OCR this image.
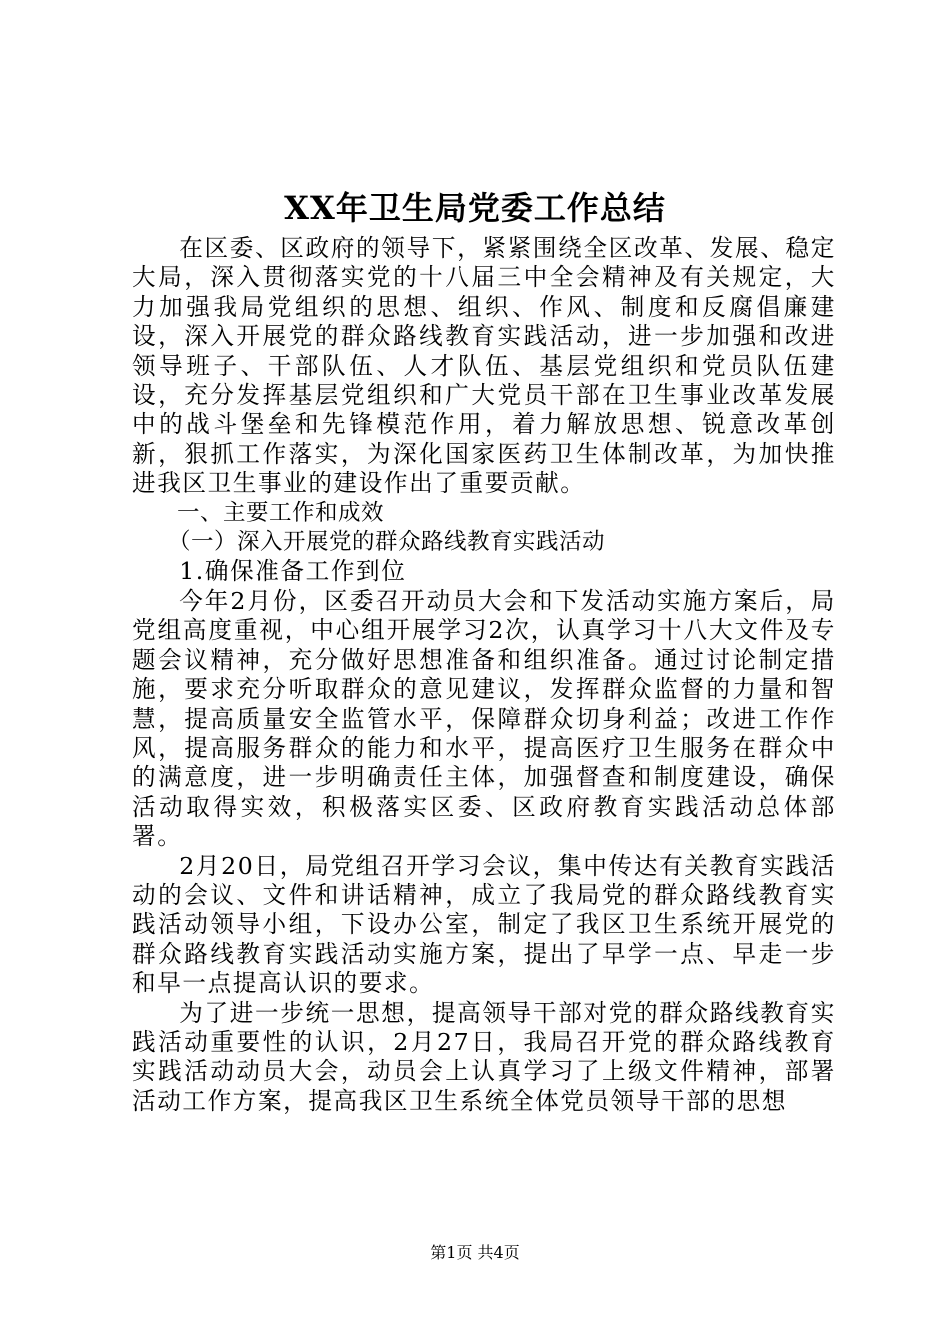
XX年卫生局党委工作总结

在区委、区政府的领导下，紧紧围绕全区改革、发展、稳定大局，深入贯彻落实党的十八届三中全会精神及有关规定，大力加强我局党组织的思想、组织、作风、制度和反腐倡廉建设，深入开展党的群众路线教育实践活动，进一步加强和改进领导班子、干部队伍、人才队伍、基层党组织和党员队伍建设，充分发挥基层党组织和广大党员干部在卫生事业改革发展中的战斗堡垒和先锋模范作用，着力解放思想、锐意改革创新，狠抓工作落实，为深化国家医药卫生体制改革，为加快推进我区卫生事业的建设作出了重要贡献。

一、主要工作和成效

（一）深入开展党的群众路线教育实践活动

1.确保准备工作到位

今年2月份，区委召开动员大会和下发活动实施方案后，局党组高度重视，中心组开展学习2次，认真学习十八大文件及专题会议精神，充分做好思想准备和组织准备。通过讨论制定措施，要求充分听取群众的意见建议，发挥群众监督的力量和智慧，提高质量安全监管水平，保障群众切身利益；改进工作作风，提高服务群众的能力和水平，提高医疗卫生服务在群众中的满意度，进一步明确责任主体，加强督查和制度建设，确保活动取得实效，积极落实区委、区政府教育实践活动总体部署。

2月20日，局党组召开学习会议，集中传达有关教育实践活动的会议、文件和讲话精神，成立了我局党的群众路线教育实践活动领导小组，下设办公室，制定了我区卫生系统开展党的群众路线教育实践活动实施方案，提出了早学一点、早走一步和早一点提高认识的要求。

为了进一步统一思想，提高领导干部对党的群众路线教育实践活动重要性的认识，2月27日，我局召开党的群众路线教育实践活动动员大会，动员会上认真学习了上级文件精神，部署活动工作方案，提高我区卫生系统全体党员领导干部的思想

第1页 共4页
